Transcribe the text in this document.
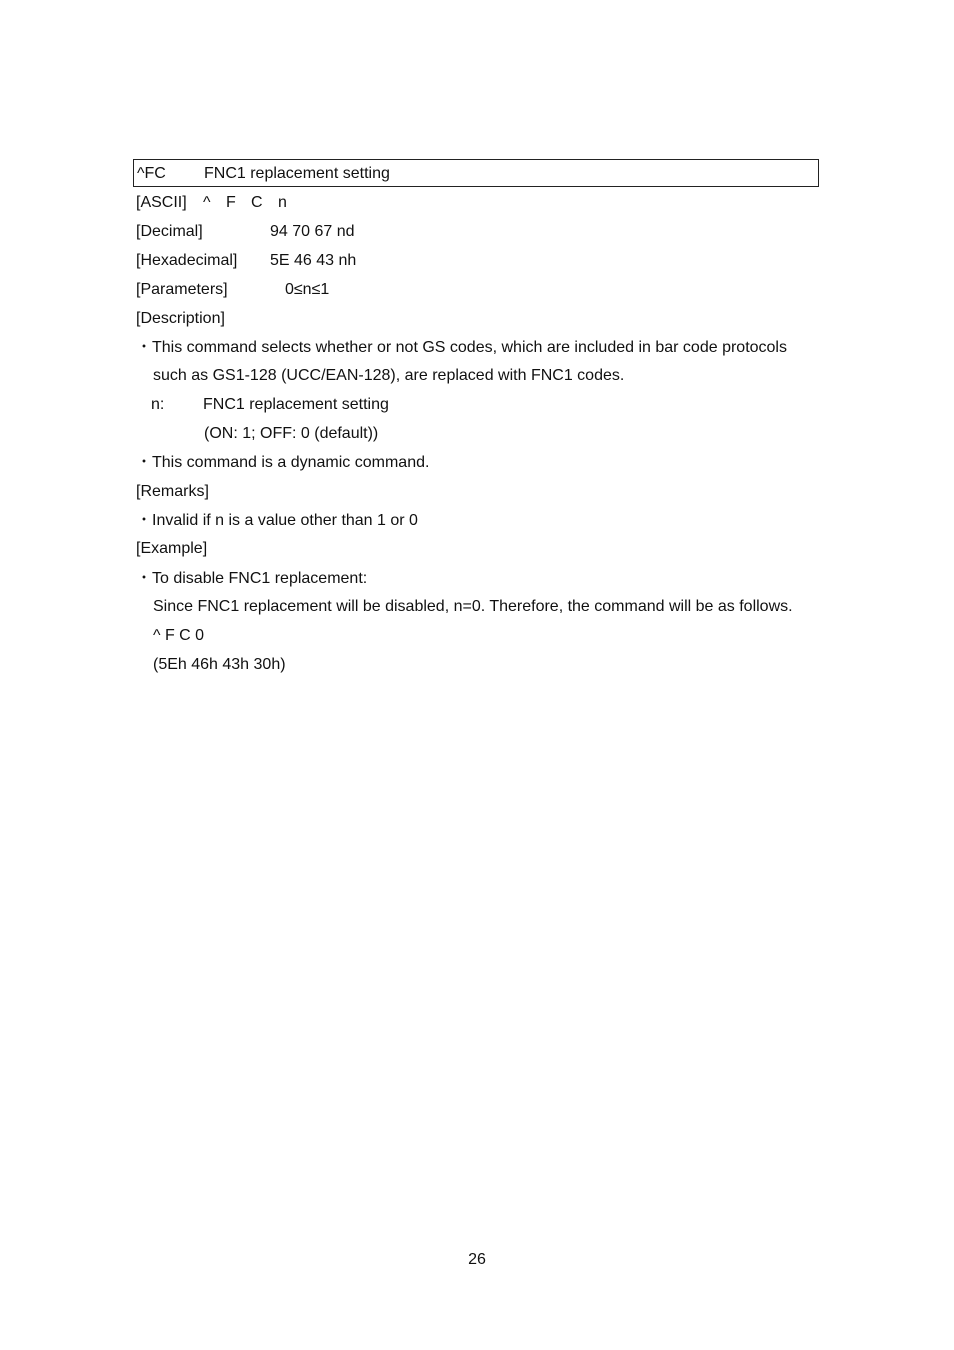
^FC FNC1 replacement setting
[ASCII] ^ F C n
[Decimal]	94 70 67 nd
[Hexadecimal] 5E 46 43 nh
[Parameters]	0≤n≤1
[Description]
・This command selects whether or not GS codes, which are included in bar code protocols
such as GS1-128 (UCC/EAN-128), are replaced with FNC1 codes.
n: FNC1 replacement setting
(ON: 1; OFF: 0 (default))
・This command is a dynamic command.
[Remarks]
・Invalid if n is a value other than 1 or 0
[Example]
・To disable FNC1 replacement:
Since FNC1 replacement will be disabled, n=0. Therefore, the command will be as follows.
^ F C 0
(5Eh 46h 43h 30h)
26
